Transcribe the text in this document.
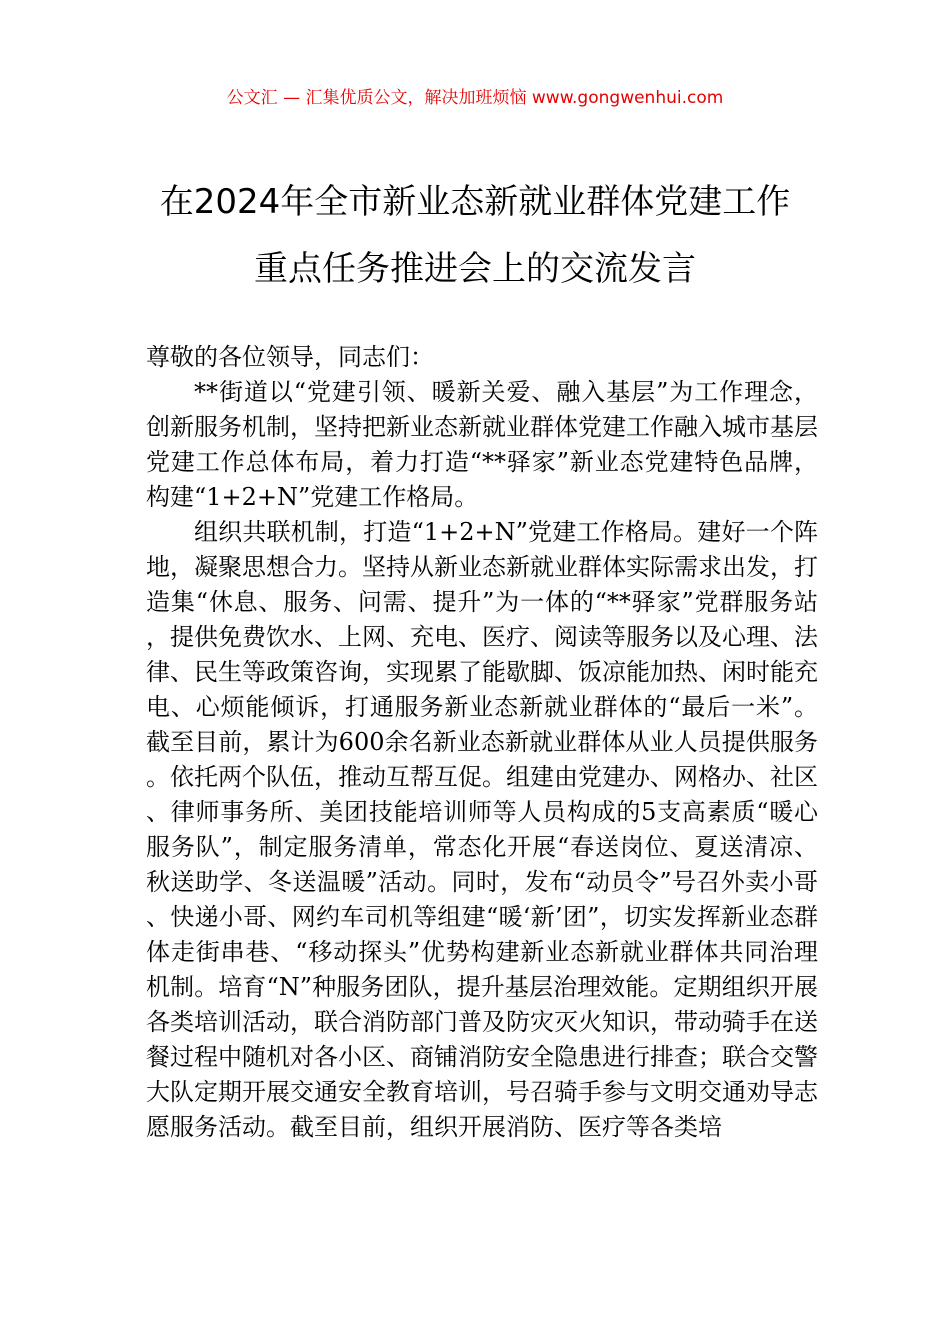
公文汇 — 汇集优质公文，解决加班烦恼 www.gongwenhui.com
在2024年全市新业态新就业群体党建工作
重点任务推进会上的交流发言

尊敬的各位领导，同志们：

**街道以“党建引领、暖新关爱、融入基层”为工作理念，创新服务机制，坚持把新业态新就业群体党建工作融入城市基层党建工作总体布局，着力打造“**驿家”新业态党建特色品牌，构建“1+2+N”党建工作格局。

组织共联机制，打造“1+2+N”党建工作格局。建好一个阵地，凝聚思想合力。坚持从新业态新就业群体实际需求出发，打造集“休息、服务、问需、提升”为一体的“**驿家”党群服务站，提供免费饮水、上网、充电、医疗、阅读等服务以及心理、法律、民生等政策咨询，实现累了能歇脚、饭凉能加热、闲时能充电、心烦能倾诉，打通服务新业态新就业群体的“最后一米”。截至目前，累计为600余名新业态新就业群体从业人员提供服务。依托两个队伍，推动互帮互促。组建由党建办、网格办、社区、律师事务所、美团技能培训师等人员构成的5支高素质“暖心服务队”，制定服务清单，常态化开展“春送岗位、夏送清凉、秋送助学、冬送温暖”活动。同时，发布“动员令”号召外卖小哥、快递小哥、网约车司机等组建“暖‘新’团”，切实发挥新业态群体走街串巷、“移动探头”优势构建新业态新就业群体共同治理机制。培育“N”种服务团队，提升基层治理效能。定期组织开展各类培训活动，联合消防部门普及防灾灭火知识，带动骑手在送餐过程中随机对各小区、商铺消防安全隐患进行排查；联合交警大队定期开展交通安全教育培训，号召骑手参与文明交通劝导志愿服务活动。截至目前，组织开展消防、医疗等各类培
